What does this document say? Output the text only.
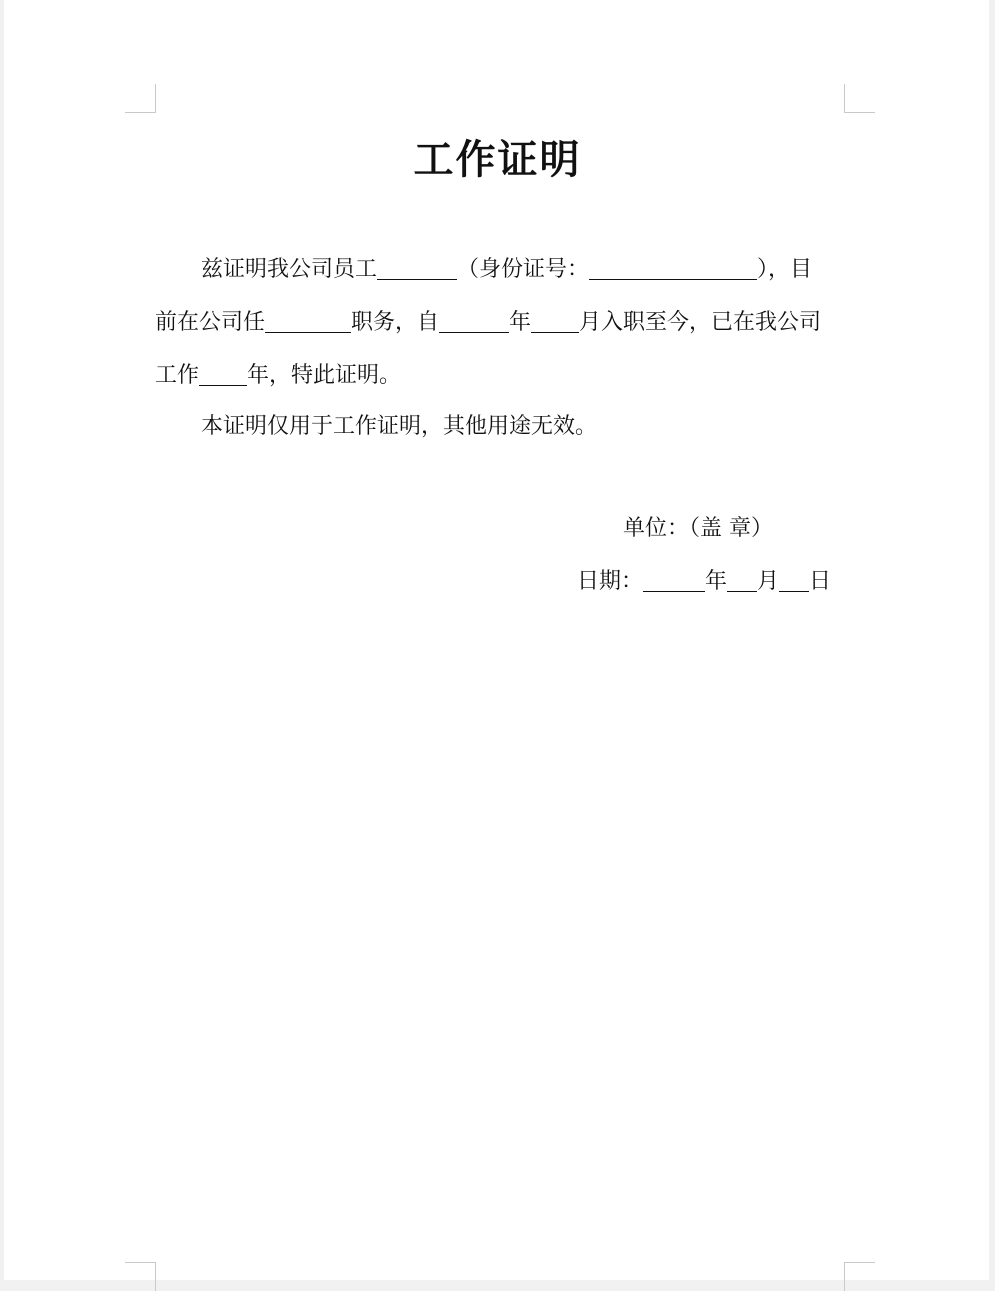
工作证明
兹证明我公司员工	（身份证号：	），目
前在公司任	职务，自	年 月入职至今，已在我公司
工作 年，特此证明。
本证明仅用于工作证明，其他用途无效。
单位：（盖 章）
日期：	年 月 日
